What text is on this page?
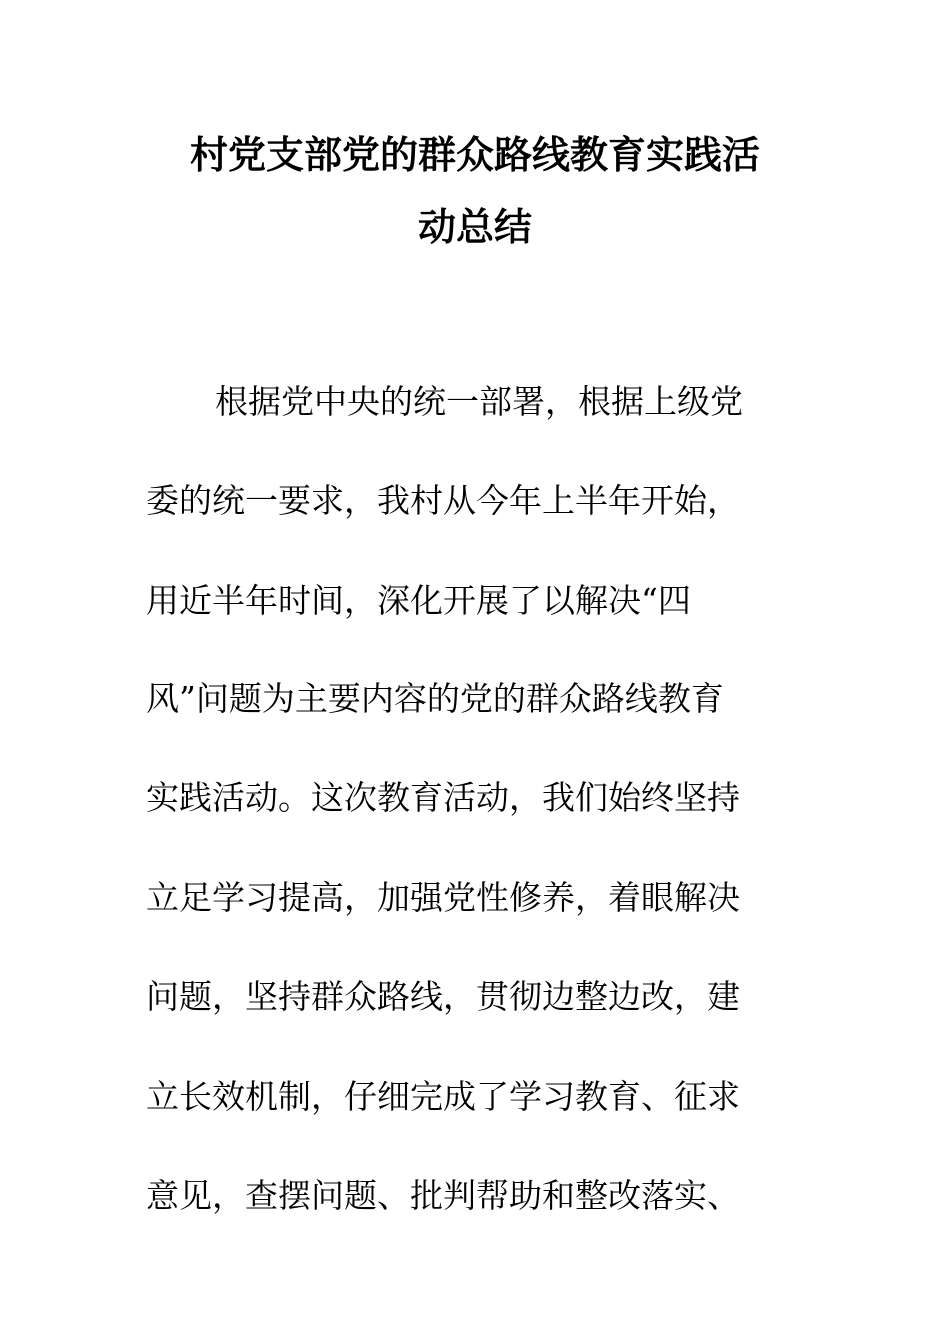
村党支部党的群众路线教育实践活
动总结
根据党中央的统一部署，根据上级党
委的统一要求，我村从今年上半年开始，
用近半年时间，深化开展了以解决“四
风”问题为主要内容的党的群众路线教育
实践活动。这次教育活动，我们始终坚持
立足学习提高，加强党性修养，着眼解决
问题，坚持群众路线，贯彻边整边改，建
立长效机制，仔细完成了学习教育、征求
意见，查摆问题、批判帮助和整改落实、
